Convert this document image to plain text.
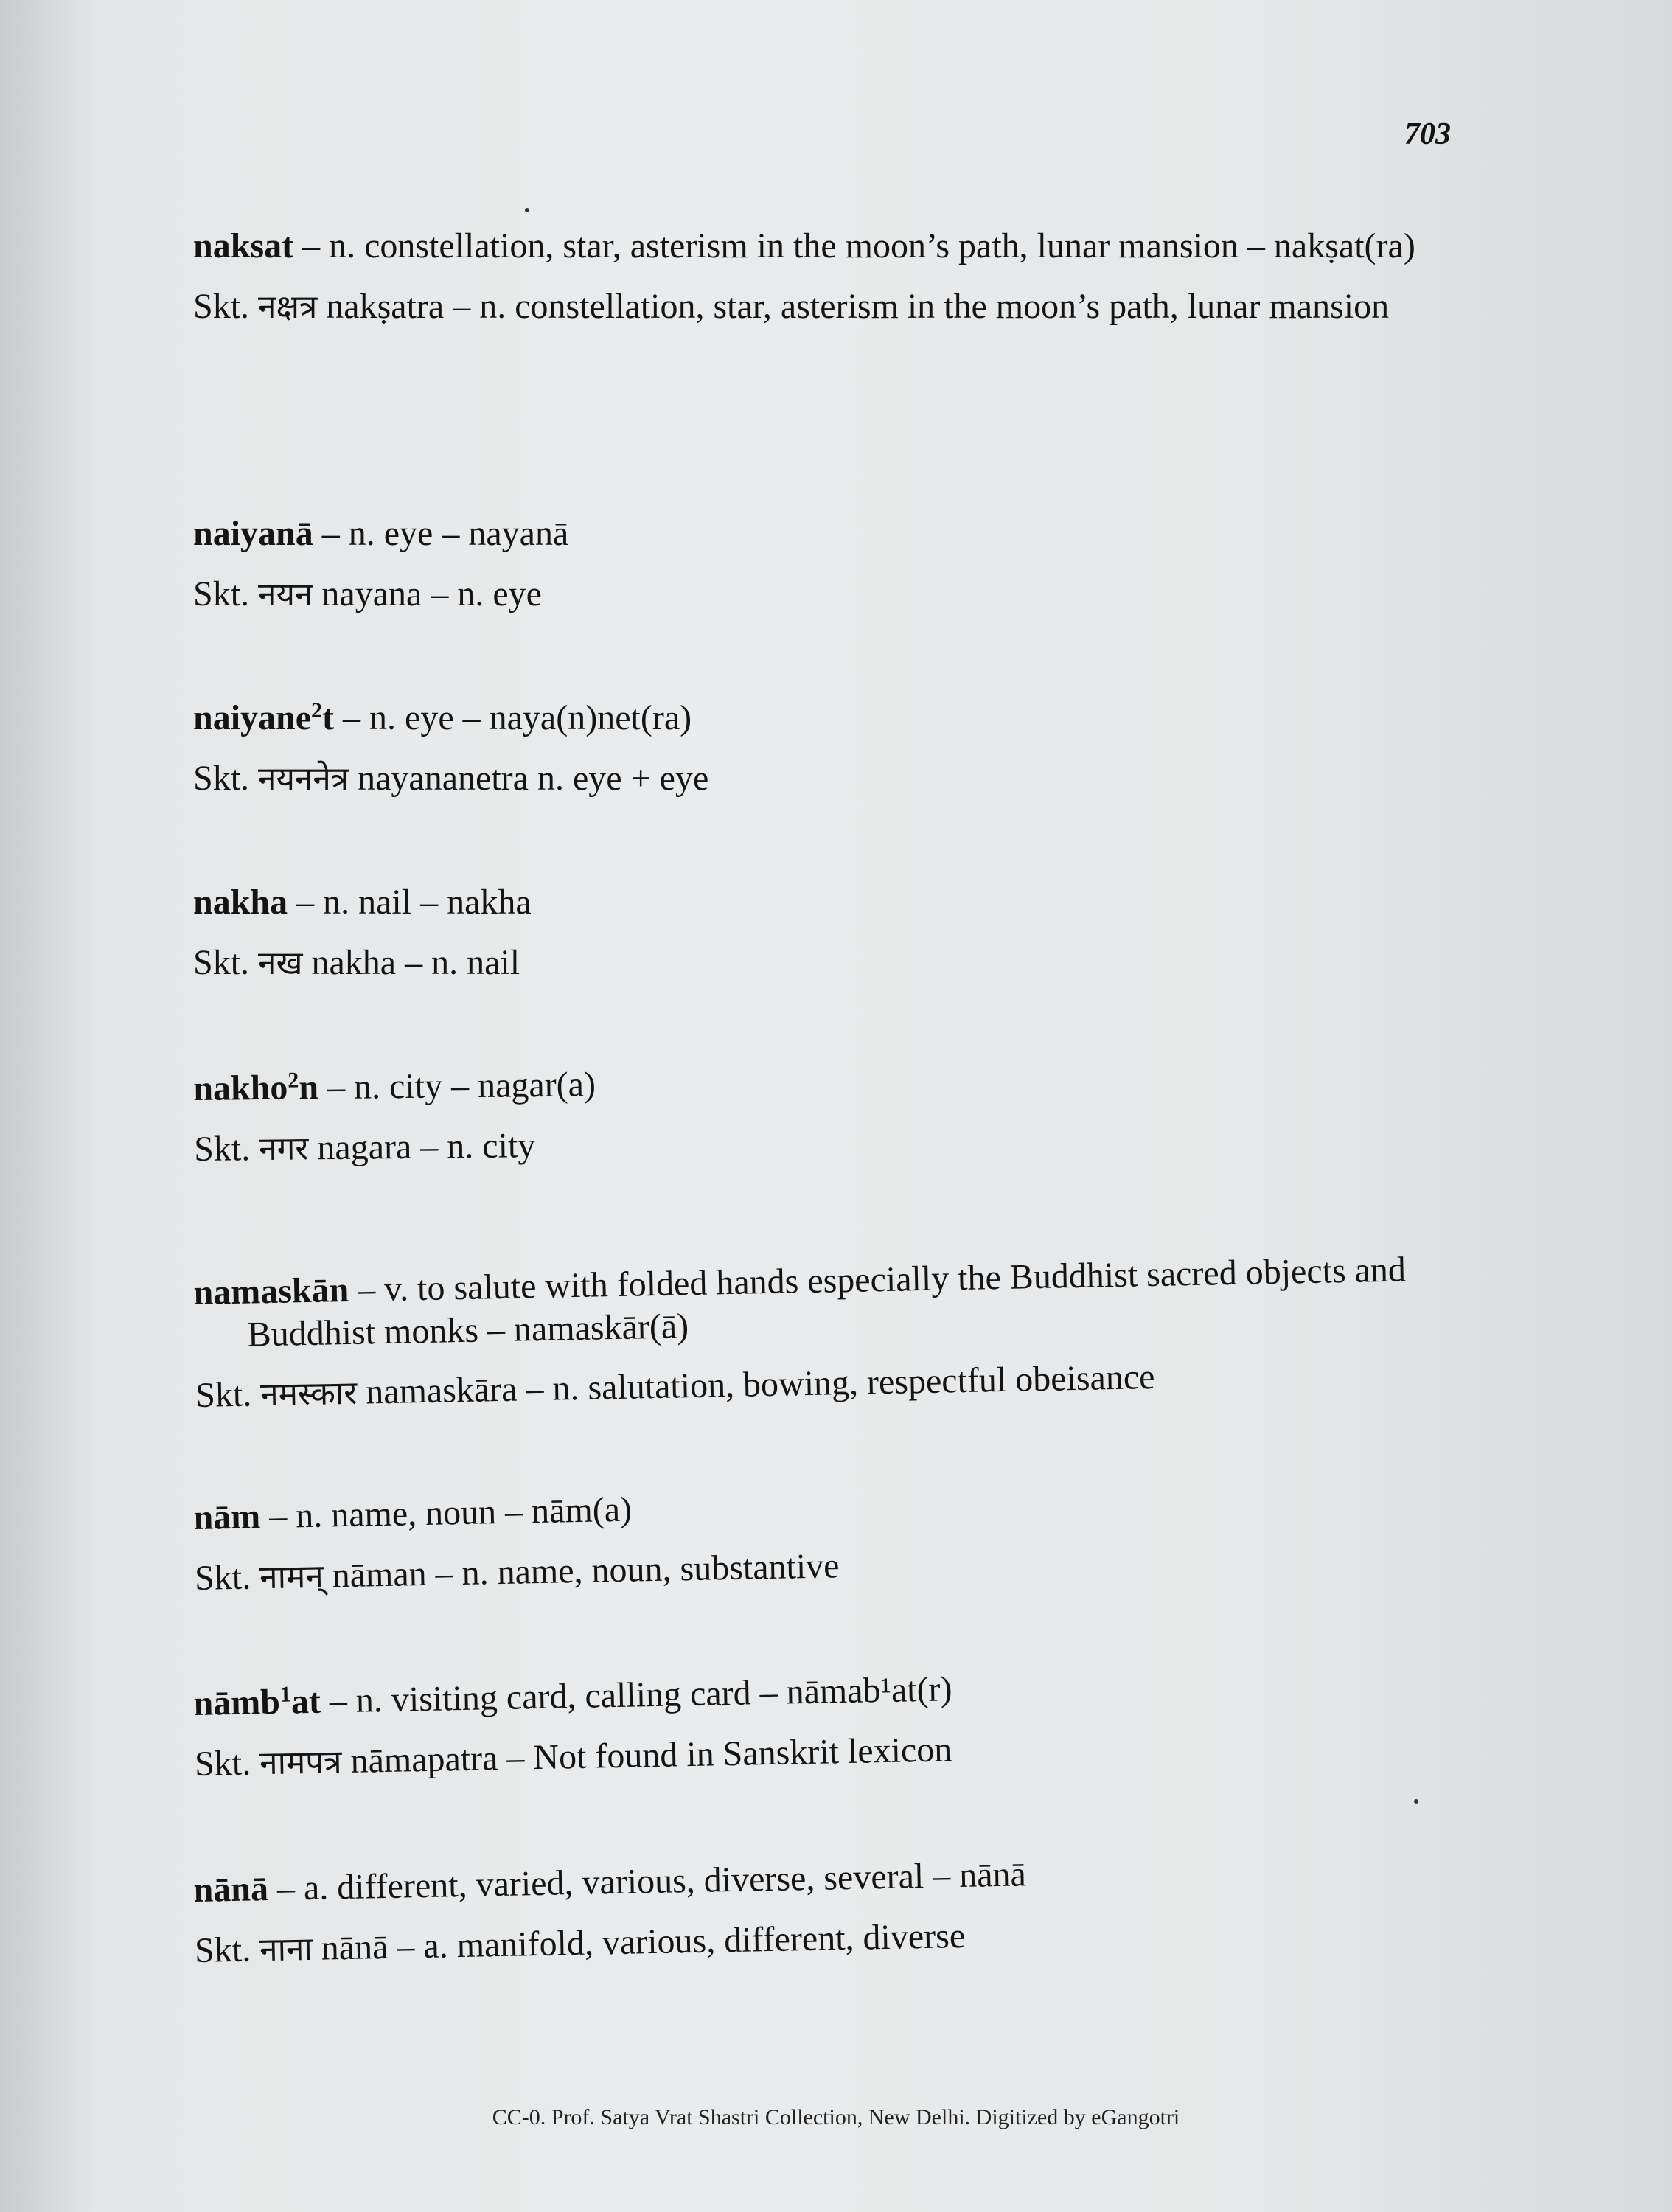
703
naksat – n. constellation, star, asterism in the moon’s path, lunar mansion – nakṣat(ra)
Skt. नक्षत्र nakṣatra – n. constellation, star, asterism in the moon’s path, lunar mansion
naiyanā – n. eye – nayanā
Skt. नयन nayana – n. eye
naiyane$^2$t – n. eye – naya(n)net(ra)
Skt. नयननेत्र nayananetra n. eye + eye
nakha – n. nail – nakha
Skt. नख nakha – n. nail
nakho$^2$n – n. city – nagar(a)
Skt. नगर nagara – n. city
namaskān – v. to salute with folded hands especially the Buddhist sacred objects and Buddhist monks – namaskār(ā)
Skt. नमस्कार namaskāra – n. salutation, bowing, respectful obeisance
nām – n. name, noun – nām(a)
Skt. नामन् nāman – n. name, noun, substantive
nāmb$^1$at – n. visiting card, calling card – nāmab¹at(r)
Skt. नामपत्र nāmapatra – Not found in Sanskrit lexicon
nānā – a. different, varied, various, diverse, several – nānā
Skt. नाना nānā – a. manifold, various, different, diverse
CC-0. Prof. Satya Vrat Shastri Collection, New Delhi. Digitized by eGangotri
